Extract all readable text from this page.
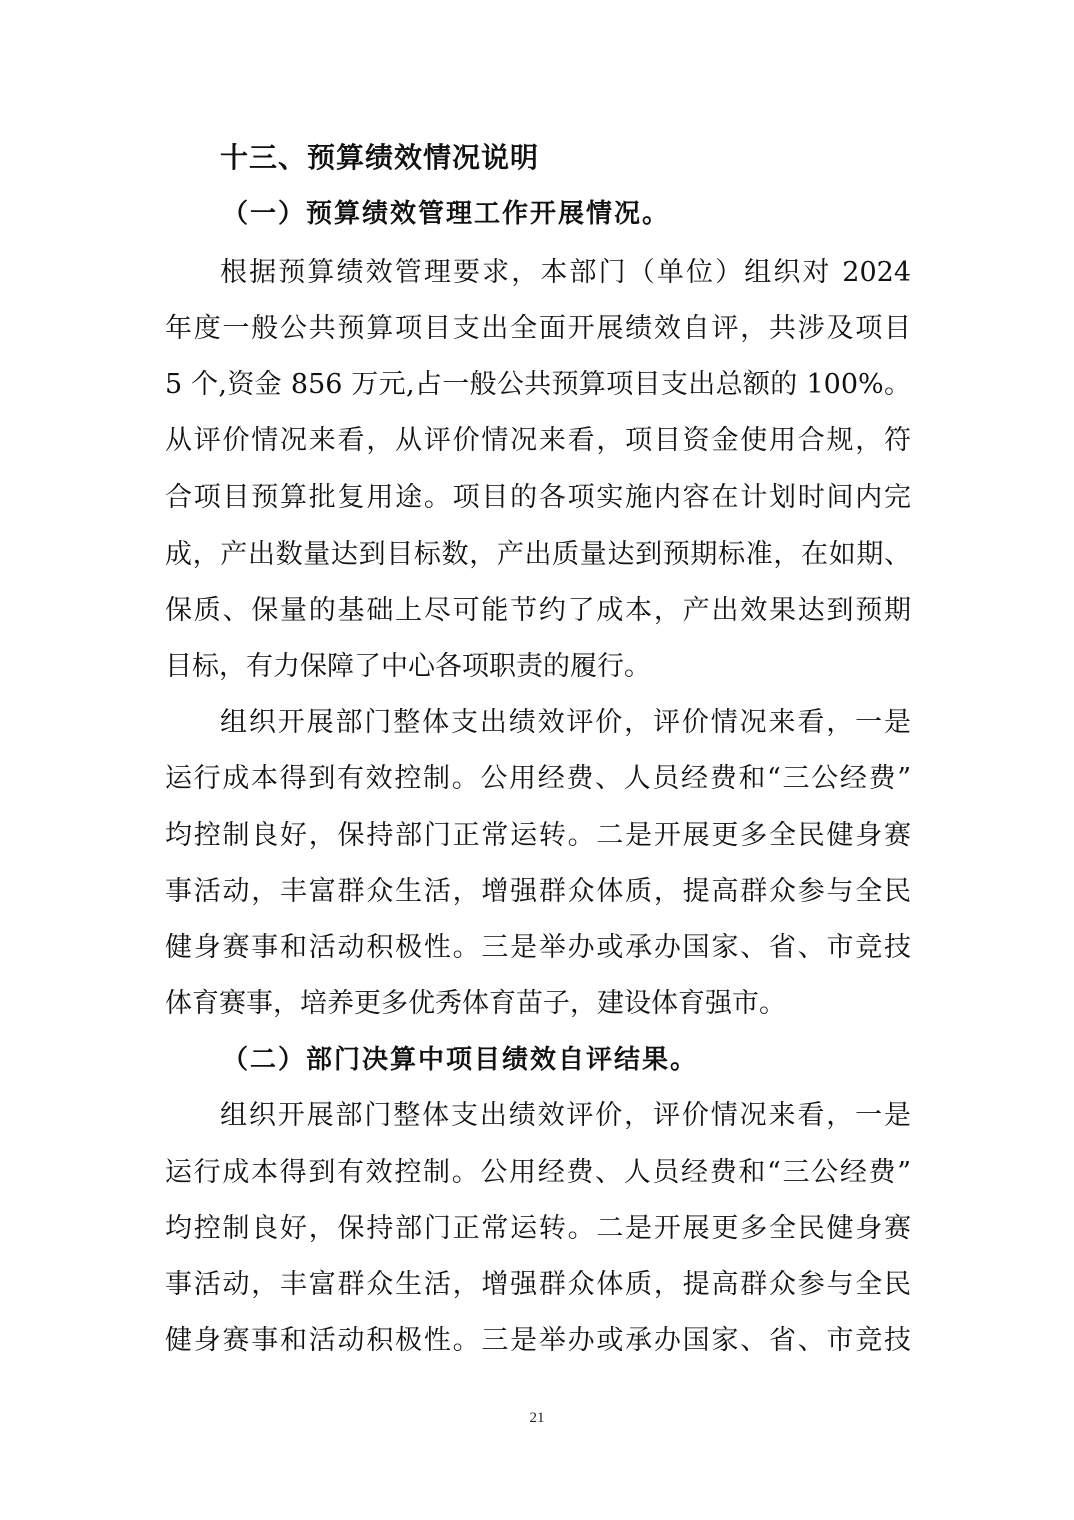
十三、预算绩效情况说明
（一）预算绩效管理工作开展情况。
根据预算绩效管理要求，本部门（单位）组织对 2024
年度一般公共预算项目支出全面开展绩效自评，共涉及项目
5 个,资金 856 万元,占一般公共预算项目支出总额的 100%。
从评价情况来看，从评价情况来看，项目资金使用合规，符
合项目预算批复用途。项目的各项实施内容在计划时间内完
成，产出数量达到目标数，产出质量达到预期标准，在如期、
保质、保量的基础上尽可能节约了成本，产出效果达到预期
目标，有力保障了中心各项职责的履行。
组织开展部门整体支出绩效评价，评价情况来看，一是
运行成本得到有效控制。公用经费、人员经费和“三公经费”
均控制良好，保持部门正常运转。二是开展更多全民健身赛
事活动，丰富群众生活，增强群众体质，提高群众参与全民
健身赛事和活动积极性。三是举办或承办国家、省、市竞技
体育赛事，培养更多优秀体育苗子，建设体育强市。
（二）部门决算中项目绩效自评结果。
组织开展部门整体支出绩效评价，评价情况来看，一是
运行成本得到有效控制。公用经费、人员经费和“三公经费”
均控制良好，保持部门正常运转。二是开展更多全民健身赛
事活动，丰富群众生活，增强群众体质，提高群众参与全民
健身赛事和活动积极性。三是举办或承办国家、省、市竞技
21
